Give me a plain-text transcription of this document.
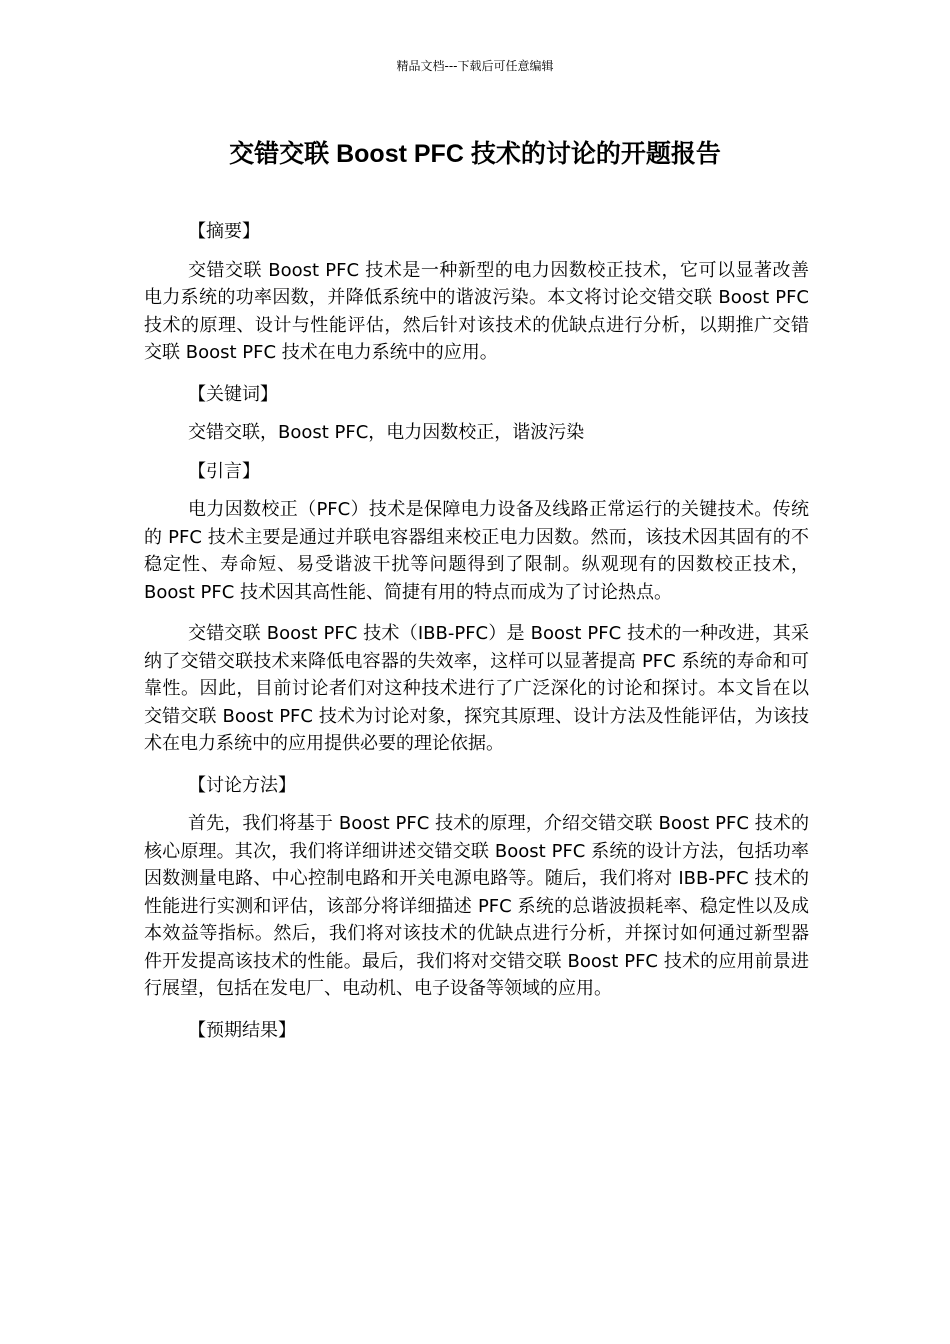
精品文档---下载后可任意编辑
交错交联 Boost PFC 技术的讨论的开题报告

【摘要】

交错交联 Boost PFC 技术是一种新型的电力因数校正技术，它可以显著改善电力系统的功率因数，并降低系统中的谐波污染。本文将讨论交错交联 Boost PFC 技术的原理、设计与性能评估，然后针对该技术的优缺点进行分析，以期推广交错交联 Boost PFC 技术在电力系统中的应用。

【关键词】

交错交联，Boost PFC，电力因数校正，谐波污染

【引言】

电力因数校正（PFC）技术是保障电力设备及线路正常运行的关键技术。传统的 PFC 技术主要是通过并联电容器组来校正电力因数。然而，该技术因其固有的不稳定性、寿命短、易受谐波干扰等问题得到了限制。纵观现有的因数校正技术，Boost PFC 技术因其高性能、简捷有用的特点而成为了讨论热点。

交错交联 Boost PFC 技术（IBB-PFC）是 Boost PFC 技术的一种改进，其采纳了交错交联技术来降低电容器的失效率，这样可以显著提高 PFC 系统的寿命和可靠性。因此，目前讨论者们对这种技术进行了广泛深化的讨论和探讨。本文旨在以交错交联 Boost PFC 技术为讨论对象，探究其原理、设计方法及性能评估，为该技术在电力系统中的应用提供必要的理论依据。

【讨论方法】

首先，我们将基于 Boost PFC 技术的原理，介绍交错交联 Boost PFC 技术的核心原理。其次，我们将详细讲述交错交联 Boost PFC 系统的设计方法，包括功率因数测量电路、中心控制电路和开关电源电路等。随后，我们将对 IBB-PFC 技术的性能进行实测和评估，该部分将详细描述 PFC 系统的总谐波损耗率、稳定性以及成本效益等指标。然后，我们将对该技术的优缺点进行分析，并探讨如何通过新型器件开发提高该技术的性能。最后，我们将对交错交联 Boost PFC 技术的应用前景进行展望，包括在发电厂、电动机、电子设备等领域的应用。

【预期结果】
